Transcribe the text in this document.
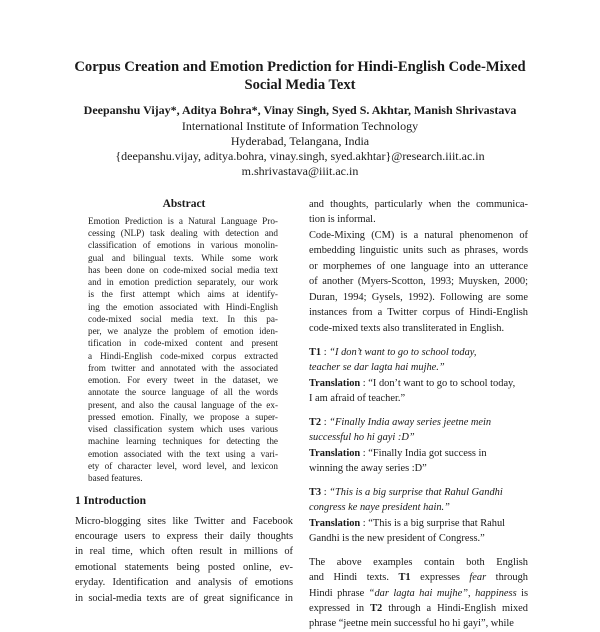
Corpus Creation and Emotion Prediction for Hindi-English Code-Mixed
Social Media Text
Deepanshu Vijay*, Aditya Bohra*, Vinay Singh, Syed S. Akhtar, Manish Shrivastava
International Institute of Information Technology
Hyderabad, Telangana, India
{deepanshu.vijay, aditya.bohra, vinay.singh, syed.akhtar}@research.iiit.ac.in
m.shrivastava@iiit.ac.in
Abstract
Emotion Prediction is a Natural Language Pro-
cessing (NLP) task dealing with detection and
classification of emotions in various monolin-
gual and bilingual texts. While some work
has been done on code-mixed social media text
and in emotion prediction separately, our work
is the first attempt which aims at identify-
ing the emotion associated with Hindi-English
code-mixed social media text. In this pa-
per, we analyze the problem of emotion iden-
tification in code-mixed content and present
a Hindi-English code-mixed corpus extracted
from twitter and annotated with the associated
emotion. For every tweet in the dataset, we
annotate the source language of all the words
present, and also the causal language of the ex-
pressed emotion. Finally, we propose a super-
vised classification system which uses various
machine learning techniques for detecting the
emotion associated with the text using a vari-
ety of character level, word level, and lexicon
based features.
1 Introduction
Micro-blogging sites like Twitter and Facebook
encourage users to express their daily thoughts
in real time, which often result in millions of
emotional statements being posted online, ev-
eryday. Identification and analysis of emotions
in social-media texts are of great significance in
and thoughts, particularly when the communica-
tion is informal.
Code-Mixing (CM) is a natural phenomenon of
embedding linguistic units such as phrases, words
or morphemes of one language into an utterance
of another (Myers-Scotton, 1993; Muysken, 2000;
Duran, 1994; Gysels, 1992). Following are some
instances from a Twitter corpus of Hindi-English
code-mixed texts also transliterated in English.
T1 : “I don’t want to go to school today,
teacher se dar lagta hai mujhe.”
Translation : “I don’t want to go to school today,
I am afraid of teacher.”
T2 : “Finally India away series jeetne mein
successful ho hi gayi :D”
Translation : “Finally India got success in
winning the away series :D”
T3 : “This is a big surprise that Rahul Gandhi
congress ke naye president hain.”
Translation : “This is a big surprise that Rahul
Gandhi is the new president of Congress.”
The above examples contain both English
and Hindi texts. T1 expresses fear through
Hindi phrase “dar lagta hai mujhe”, happiness is
expressed in T2 through a Hindi-English mixed
phrase “jeetne mein successful ho hi gayi”, while
